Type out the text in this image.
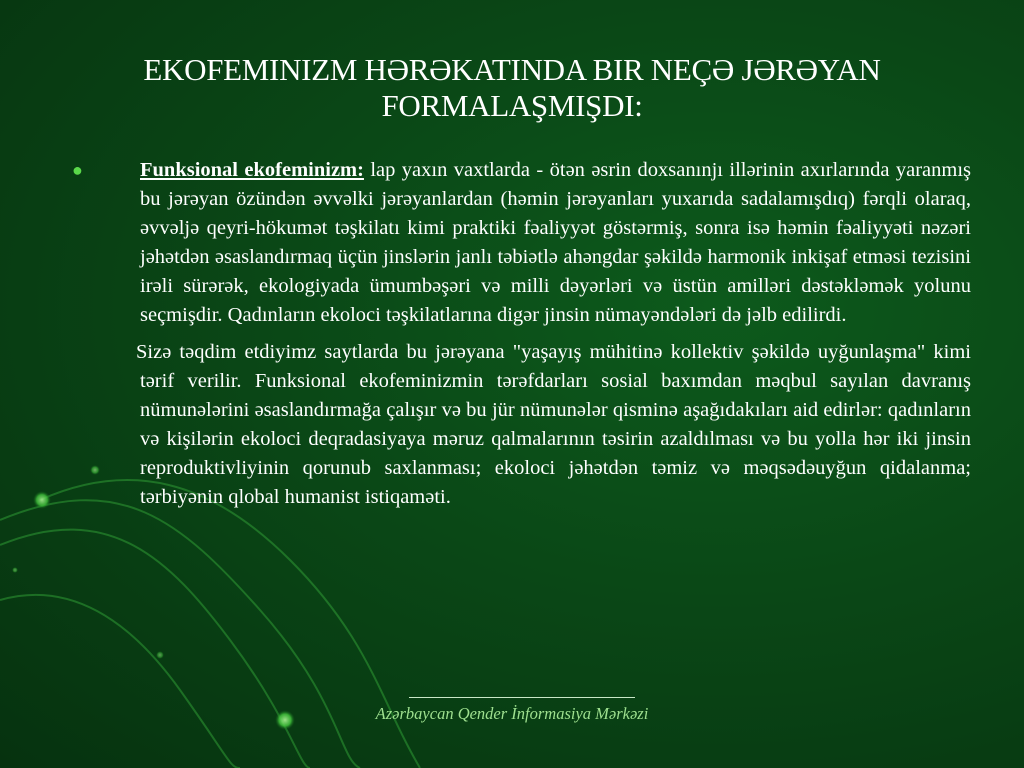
EKOFEMINIZM HƏRƏKATINDA BIR NEÇƏ JƏRƏYAN
FORMALAŞMIŞDI:
●	Funksional ekofeminizm: lap yaxın vaxtlarda - ötən əsrin doxsanınjı illərinin axırlarında yaranmış bu jərəyan özündən əvvəlki jərəyanlardan (həmin jərəyanları yuxarıda sadalamışdıq) fərqli olaraq, əvvəljə qeyri-hökumət təşkilatı kimi praktiki fəaliyyət göstərmiş, sonra isə həmin fəaliyyəti nəzəri jəhətdən əsaslandırmaq üçün jinslərin janlı təbiətlə ahəngdar şəkildə harmonik inkişaf etməsi tezisini irəli sürərək, ekologiyada ümumbəşəri və milli dəyərləri və üstün amilləri dəstəkləmək yolunu seçmişdir. Qadınların ekoloci təşkilatlarına digər jinsin nümayəndələri də jəlb edilirdi.
Sizə təqdim etdiyimz saytlarda bu jərəyana "yaşayış mühitinə kollektiv şəkildə uyğunlaşma" kimi tərif verilir. Funksional ekofeminizmin tərəfdarları sosial baxımdan məqbul sayılan davranış nümunələrini əsaslandırmağa çalışır və bu jür nümunələr qisminə aşağıdakıları aid edirlər: qadınların və kişilərin ekoloci deqradasiyaya məruz qalmalarının təsirin azaldılması və bu yolla hər iki jinsin reproduktivliyinin qorunub saxlanması; ekoloci jəhətdən təmiz və məqsədəuyğun qidalanma; tərbiyənin qlobal humanist istiqaməti.
Azərbaycan Qender İnformasiya Mərkəzi
